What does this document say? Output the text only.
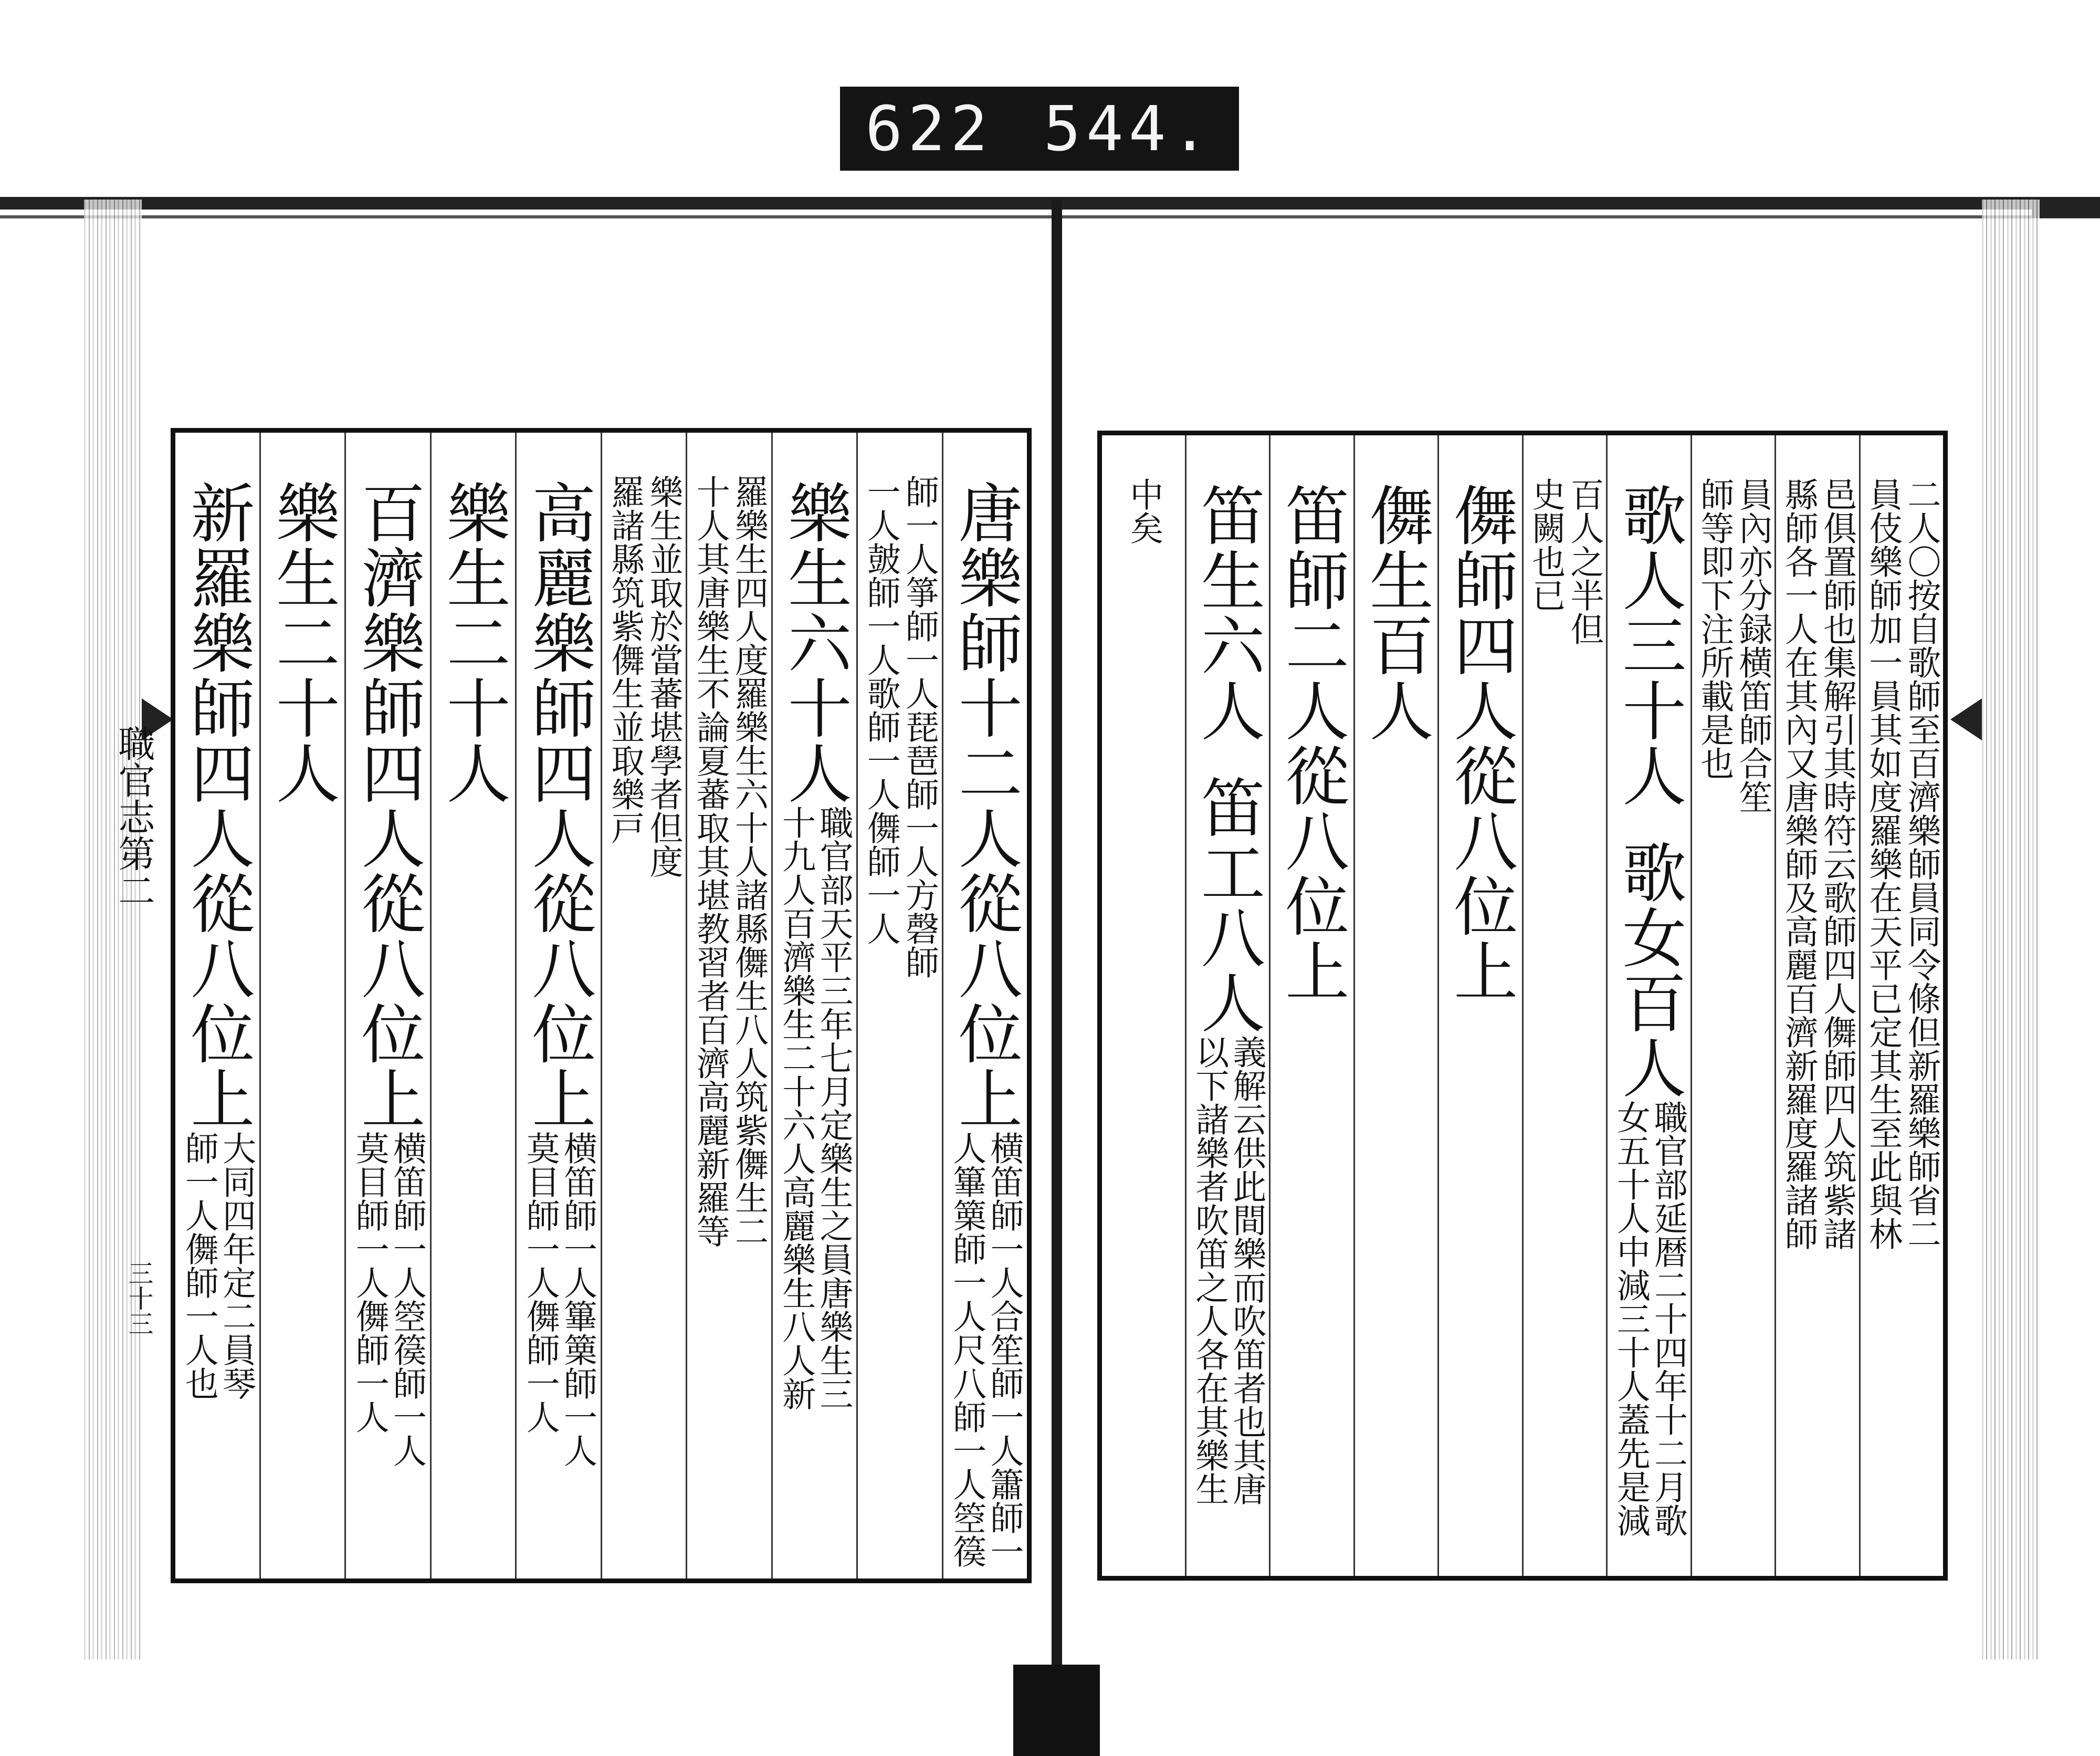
622 544.
職官志第二
三十三
二人〇按自歌師至百濟樂師員同令條但新羅樂師省二
員伎樂師加一員其如度羅樂在天平已定其生至此與林
邑俱置師也集解引其時符云歌師四人儛師四人筑紫諸
縣師各一人在其內又唐樂師及高麗百濟新羅度羅諸師
員內亦分録横笛師合笙
師等即下注所載是也
歌人三十人
歌女百人
職官部延暦二十四年十二月歌
女五十人中減三十人蓋先是減
百人之半但
史闕也已
儛師四人從八位上
儛生百人
笛師二人從八位上
笛生六人
笛工八人
義解云供此間樂而吹笛者也其唐
以下諸樂者吹笛之人各在其樂生
中矣
唐樂師十二人從八位上
横笛師一人合笙師一人簫師一
人篳篥師一人尺八師一人箜篌
師一人箏師一人琵琶師一人方磬師
一人皷師一人歌師一人儛師一人
樂生六十人
職官部天平三年七月定樂生之員唐樂生三
十九人百濟樂生二十六人高麗樂生八人新
羅樂生四人度羅樂生六十人諸縣儛生八人筑紫儛生二
十人其唐樂生不論夏蕃取其堪教習者百濟高麗新羅等
樂生並取於當蕃堪學者但度
羅諸縣筑紫儛生並取樂戸
高麗樂師四人從八位上
横笛師一人篳篥師一人
莫目師一人儛師一人
樂生二十人
百濟樂師四人從八位上
横笛師一人箜篌師一人
莫目師一人儛師一人
樂生二十人
新羅樂師四人從八位上
大同四年定二員琴
師一人儛師一人也
